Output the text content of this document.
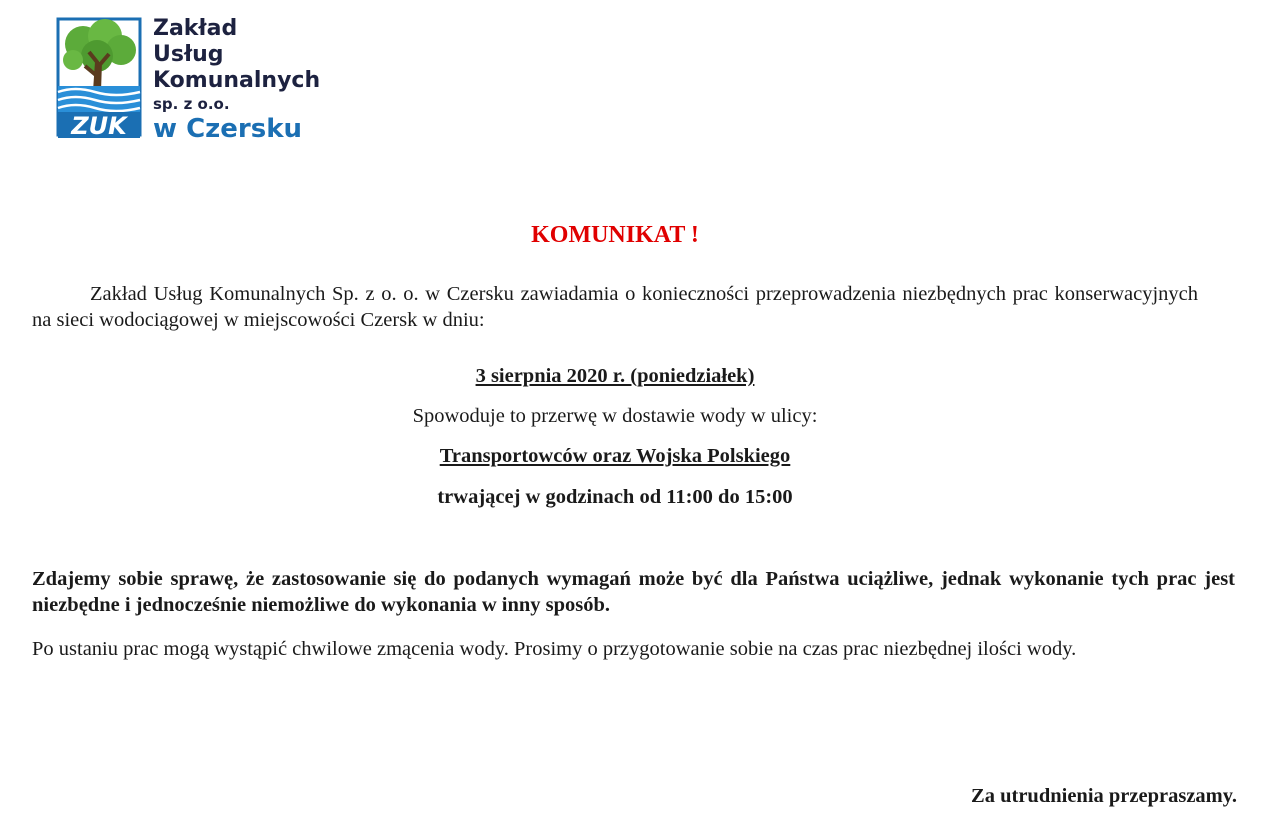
ZUK
Zakład
Usług
Komunalnych
sp. z o.o.
w Czersku
KOMUNIKAT !
Zakład Usług Komunalnych Sp. z o. o. w Czersku zawiadamia o konieczności przeprowadzenia niezbędnych prac konserwacyjnych na sieci wodociągowej w miejscowości Czersk w dniu:
3 sierpnia 2020 r. (poniedziałek)
Spowoduje to przerwę w dostawie wody w ulicy:
Transportowców oraz Wojska Polskiego
trwającej w godzinach od 11:00 do 15:00
Zdajemy sobie sprawę, że zastosowanie się do podanych wymagań może być dla Państwa uciążliwe, jednak wykonanie tych prac jest niezbędne i jednocześnie niemożliwe do wykonania w inny sposób.
Po ustaniu prac mogą wystąpić chwilowe zmącenia wody. Prosimy o przygotowanie sobie na czas prac niezbędnej ilości wody.
Za utrudnienia przepraszamy.
